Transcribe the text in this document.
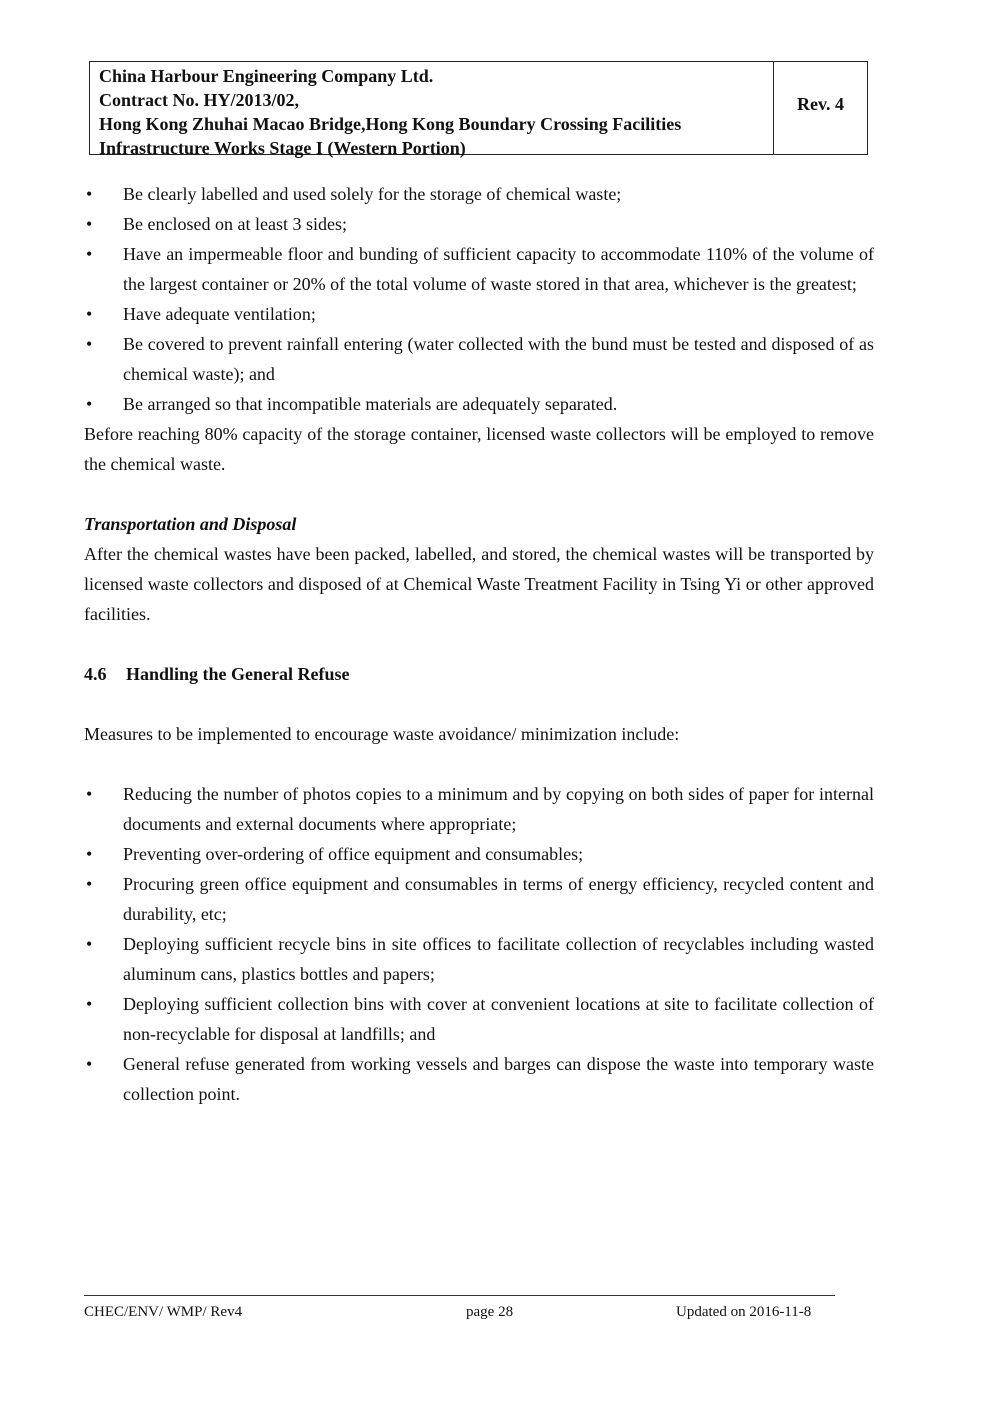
China Harbour Engineering Company Ltd.
Contract No. HY/2013/02,
Hong Kong Zhuhai Macao Bridge,Hong Kong Boundary Crossing Facilities
Infrastructure Works Stage I (Western Portion)
Rev. 4
• Be clearly labelled and used solely for the storage of chemical waste;
• Be enclosed on at least 3 sides;
• Have an impermeable floor and bunding of sufficient capacity to accommodate 110% of the volume of the largest container or 20% of the total volume of waste stored in that area, whichever is the greatest;
• Have adequate ventilation;
• Be covered to prevent rainfall entering (water collected with the bund must be tested and disposed of as chemical waste); and
• Be arranged so that incompatible materials are adequately separated.

Before reaching 80% capacity of the storage container, licensed waste collectors will be employed to remove the chemical waste.

Transportation and Disposal

After the chemical wastes have been packed, labelled, and stored, the chemical wastes will be transported by licensed waste collectors and disposed of at Chemical Waste Treatment Facility in Tsing Yi or other approved facilities.

4.6 Handling the General Refuse

Measures to be implemented to encourage waste avoidance/ minimization include:

• Reducing the number of photos copies to a minimum and by copying on both sides of paper for internal documents and external documents where appropriate;
• Preventing over-ordering of office equipment and consumables;
• Procuring green office equipment and consumables in terms of energy efficiency, recycled content and durability, etc;
• Deploying sufficient recycle bins in site offices to facilitate collection of recyclables including wasted aluminum cans, plastics bottles and papers;
• Deploying sufficient collection bins with cover at convenient locations at site to facilitate collection of non-recyclable for disposal at landfills; and
• General refuse generated from working vessels and barges can dispose the waste into temporary waste collection point.
CHEC/ENV/ WMP/ Rev4	page 28	Updated on 2016-11-8
